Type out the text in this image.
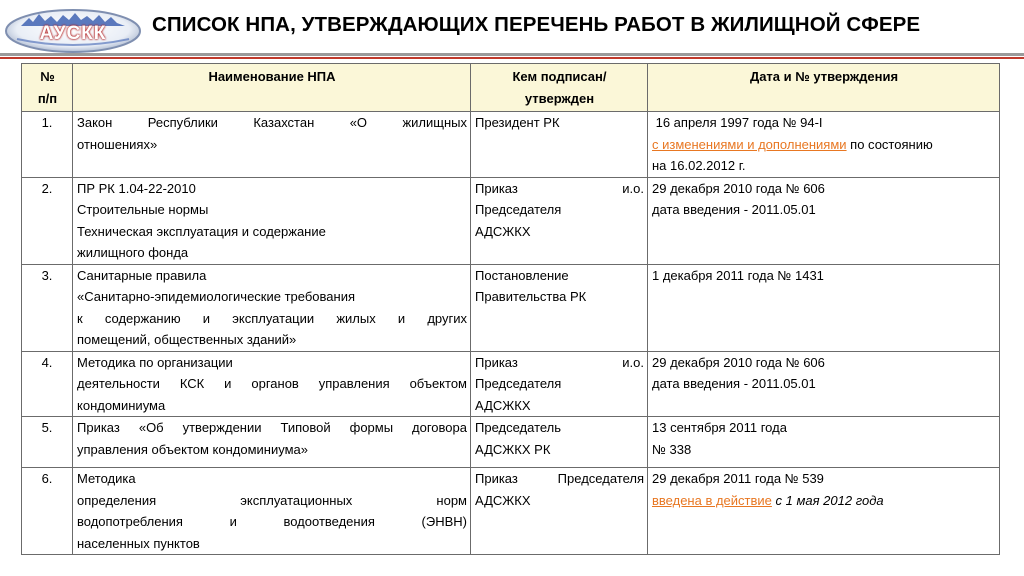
АУСКК	СПИСОК НПА, УТВЕРЖДАЮЩИХ ПЕРЕЧЕНЬ РАБОТ В ЖИЛИЩНОЙ СФЕРЕ
№
п/п	Наименование НПА	Кем подписан/
утвержден	Дата и № утверждения

1.	Закон Республики Казахстан «О жилищных
отношениях»	Президент РК	16 апреля 1997 года № 94-I
с изменениями и дополнениями по состоянию
на 16.02.2012 г.

2.	ПР РК 1.04-22-2010
Строительные нормы
Техническая эксплуатация и содержание
жилищного фонда	Приказ и.о.
Председателя
АДСЖКХ	29 декабря 2010 года № 606
дата введения - 2011.05.01

3.	Санитарные правила
«Санитарно-эпидемиологические требования
к содержанию и эксплуатации жилых и других
помещений, общественных зданий»	Постановление
Правительства РК	1 декабря 2011 года № 1431

4.	Методика по организации
деятельности КСК и органов управления объектом
кондоминиума	Приказ и.о.
Председателя
АДСЖКХ	29 декабря 2010 года № 606
дата введения - 2011.05.01

5.	Приказ «Об утверждении Типовой формы договора
управления объектом кондоминиума»	Председатель
АДСЖКХ РК	13 сентября 2011 года
№ 338

6.	Методика
определения эксплуатационных норм
водопотребления и водоотведения (ЭНВН)
населенных пунктов	Приказ Председателя
АДСЖКХ	29 декабря 2011 года № 539
введена в действие с 1 мая 2012 года
